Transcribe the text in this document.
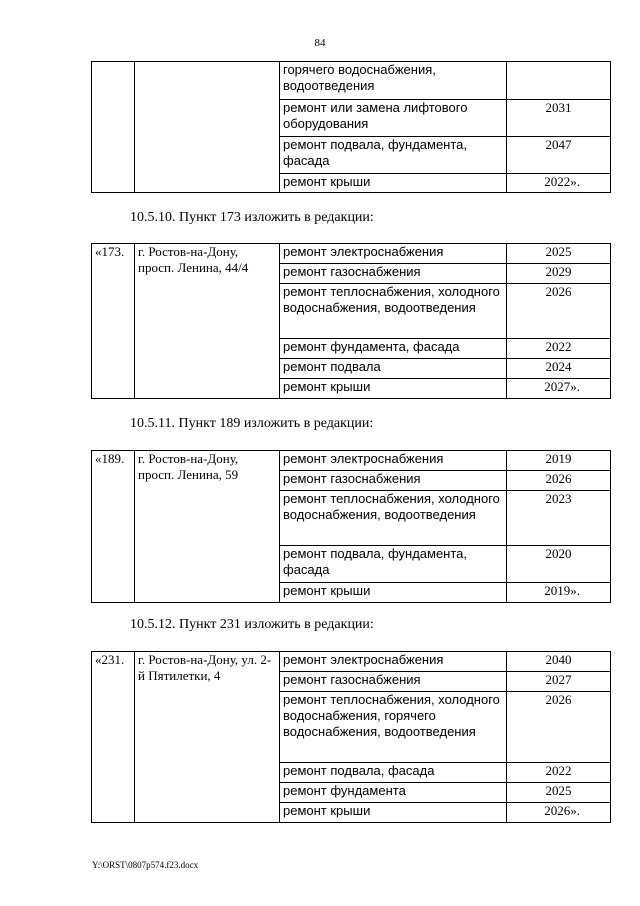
84
		горячего водоснабжения, водоотведения	
		ремонт или замена лифтового оборудования	2031
		ремонт подвала, фундамента, фасада	2047
		ремонт крыши	2022».
10.5.10. Пункт 173 изложить в редакции:
«173.	г. Ростов-на-Дону, просп. Ленина, 44/4	ремонт электроснабжения	2025
		ремонт газоснабжения	2029
		ремонт теплоснабжения, холодного водоснабжения, водоотведения	2026
		ремонт фундамента, фасада	2022
		ремонт подвала	2024
		ремонт крыши	2027».
10.5.11. Пункт 189 изложить в редакции:
«189.	г. Ростов-на-Дону, просп. Ленина, 59	ремонт электроснабжения	2019
		ремонт газоснабжения	2026
		ремонт теплоснабжения, холодного водоснабжения, водоотведения	2023
		ремонт подвала, фундамента, фасада	2020
		ремонт крыши	2019».
10.5.12. Пункт 231 изложить в редакции:
«231.	г. Ростов-на-Дону, ул. 2-й Пятилетки, 4	ремонт электроснабжения	2040
		ремонт газоснабжения	2027
		ремонт теплоснабжения, холодного водоснабжения, горячего водоснабжения, водоотведения	2026
		ремонт подвала, фасада	2022
		ремонт фундамента	2025
		ремонт крыши	2026».
Y:\ORST\0807p574.f23.docx
